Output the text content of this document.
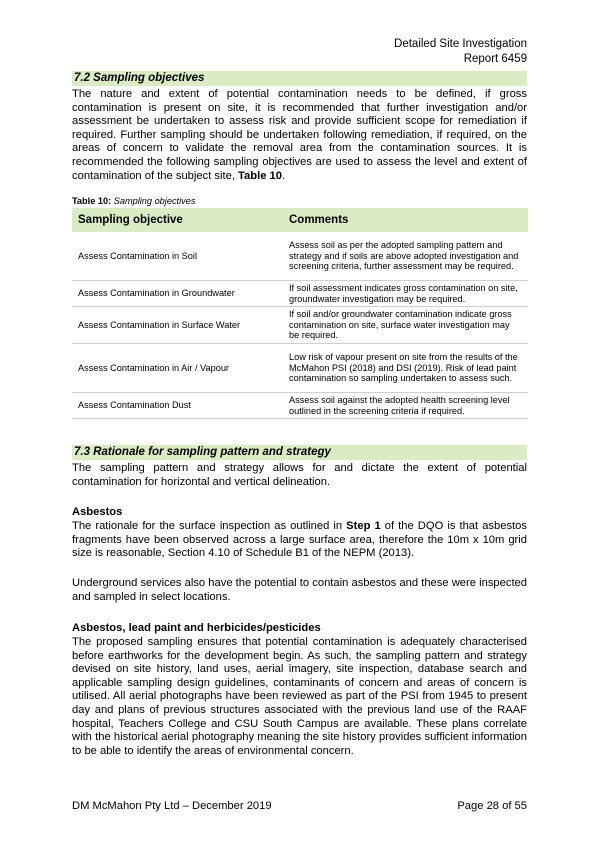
Detailed Site Investigation
Report 6459
7.2 Sampling objectives
The nature and extent of potential contamination needs to be defined, if gross contamination is present on site, it is recommended that further investigation and/or assessment be undertaken to assess risk and provide sufficient scope for remediation if required. Further sampling should be undertaken following remediation, if required, on the areas of concern to validate the removal area from the contamination sources. It is recommended the following sampling objectives are used to assess the level and extent of contamination of the subject site, Table 10.
Table 10: Sampling objectives
Sampling objective	Comments
Assess Contamination in Soil	Assess soil as per the adopted sampling pattern and strategy and if soils are above adopted investigation and screening criteria, further assessment may be required.
Assess Contamination in Groundwater	If soil assessment indicates gross contamination on site, groundwater investigation may be required.
Assess Contamination in Surface Water	If soil and/or groundwater contamination indicate gross contamination on site, surface water investigation may be required.
Assess Contamination in Air / Vapour	Low risk of vapour present on site from the results of the McMahon PSI (2018) and DSI (2019). Risk of lead paint contamination so sampling undertaken to assess such.
Assess Contamination Dust	Assess soil against the adopted health screening level outlined in the screening criteria if required.
7.3 Rationale for sampling pattern and strategy
The sampling pattern and strategy allows for and dictate the extent of potential contamination for horizontal and vertical delineation.
Asbestos
The rationale for the surface inspection as outlined in Step 1 of the DQO is that asbestos fragments have been observed across a large surface area, therefore the 10m x 10m grid size is reasonable, Section 4.10 of Schedule B1 of the NEPM (2013).
Underground services also have the potential to contain asbestos and these were inspected and sampled in select locations.
Asbestos, lead paint and herbicides/pesticides
The proposed sampling ensures that potential contamination is adequately characterised before earthworks for the development begin. As such, the sampling pattern and strategy devised on site history, land uses, aerial imagery, site inspection, database search and applicable sampling design guidelines, contaminants of concern and areas of concern is utilised. All aerial photographs have been reviewed as part of the PSI from 1945 to present day and plans of previous structures associated with the previous land use of the RAAF hospital, Teachers College and CSU South Campus are available. These plans correlate with the historical aerial photography meaning the site history provides sufficient information to be able to identify the areas of environmental concern.
DM McMahon Pty Ltd – December 2019	Page 28 of 55
